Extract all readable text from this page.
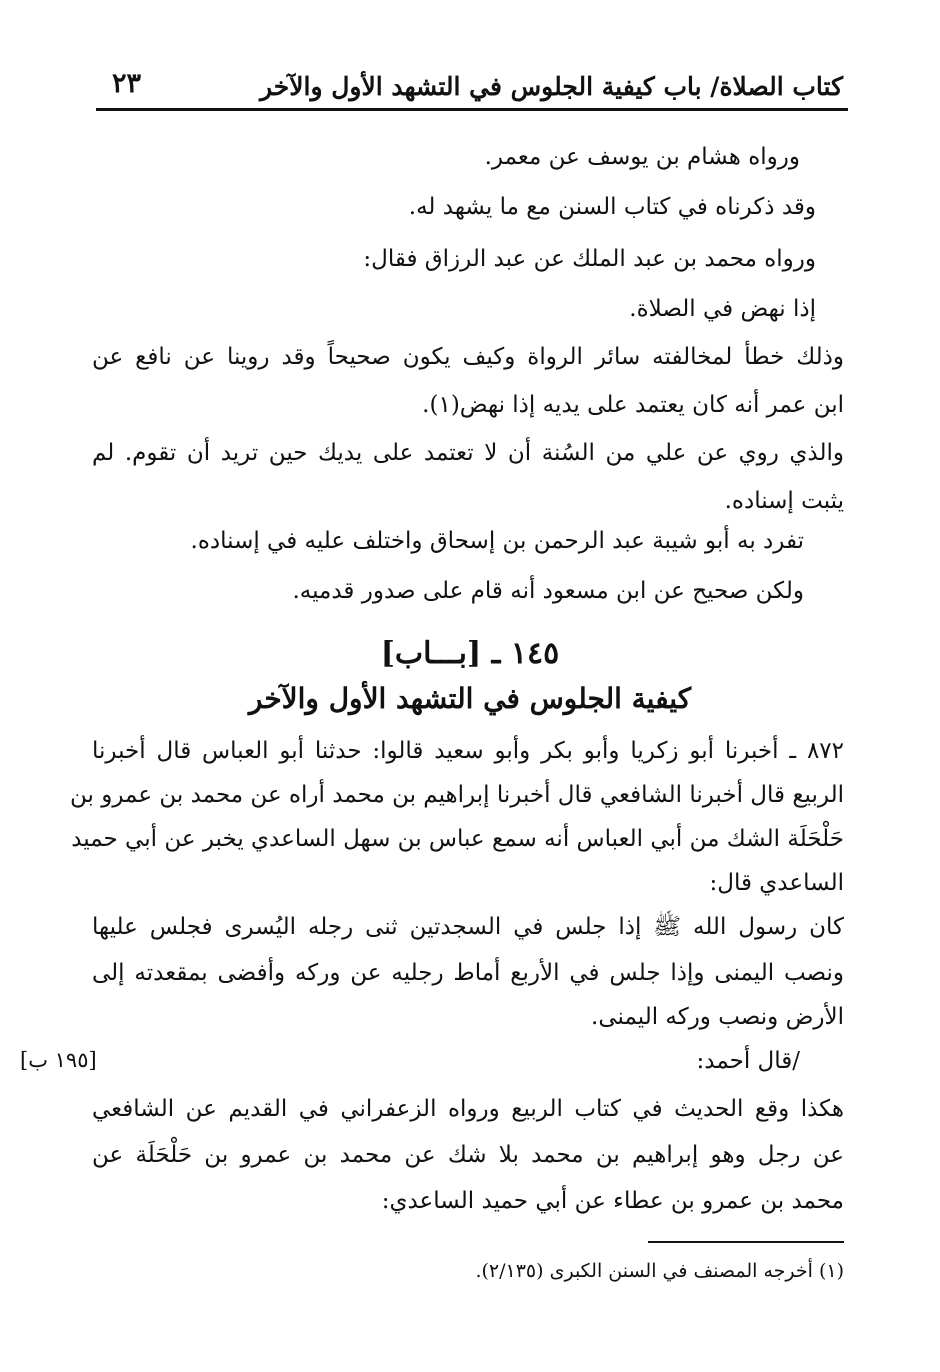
كتاب الصلاة/ باب كيفية الجلوس في التشهد الأول والآخر
٢٣
ورواه هشام بن يوسف عن معمر.
وقد ذكرناه في كتاب السنن مع ما يشهد له.
ورواه محمد بن عبد الملك عن عبد الرزاق فقال:
إذا نهض في الصلاة.
وذلك خطأ لمخالفته سائر الرواة وكيف يكون صحيحاً وقد روينا عن نافع عن
ابن عمر أنه كان يعتمد على يديه إذا نهض(١).
والذي روي عن علي من السُنة أن لا تعتمد على يديك حين تريد أن تقوم. لم
يثبت إسناده.
تفرد به أبو شيبة عبد الرحمن بن إسحاق واختلف عليه في إسناده.
ولكن صحيح عن ابن مسعود أنه قام على صدور قدميه.
١٤٥ ـ [بـــاب]
كيفية الجلوس في التشهد الأول والآخر
٨٧٢ ـ أخبرنا أبو زكريا وأبو بكر وأبو سعيد قالوا: حدثنا أبو العباس قال أخبرنا
الربيع قال أخبرنا الشافعي قال أخبرنا إبراهيم بن محمد أراه عن محمد بن عمرو بن
حَلْحَلَة الشك من أبي العباس أنه سمع عباس بن سهل الساعدي يخبر عن أبي حميد
الساعدي قال:
كان رسول الله ﷺ إذا جلس في السجدتين ثنى رجله اليُسرى فجلس عليها
ونصب اليمنى وإذا جلس في الأربع أماط رجليه عن وركه وأفضى بمقعدته إلى
الأرض ونصب وركه اليمنى.
/قال أحمد:
[١٩٥ ب]
هكذا وقع الحديث في كتاب الربيع ورواه الزعفراني في القديم عن الشافعي
عن رجل وهو إبراهيم بن محمد بلا شك عن محمد بن عمرو بن حَلْحَلَة عن
محمد بن عمرو بن عطاء عن أبي حميد الساعدي:
(١) أخرجه المصنف في السنن الكبرى (٢/١٣٥).
